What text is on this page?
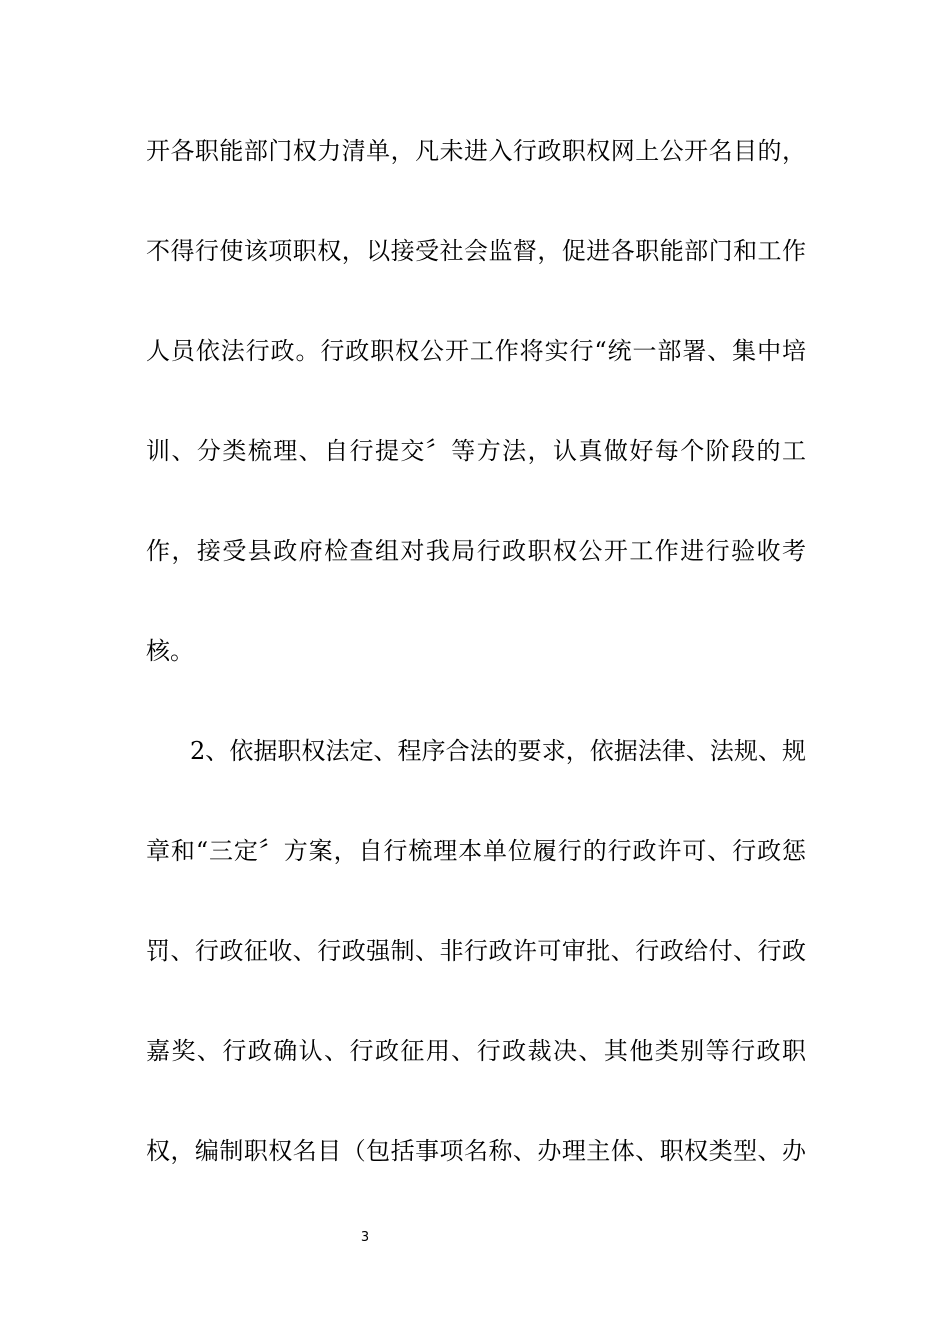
开各职能部门权力清单，凡未进入行政职权网上公开名目的，
不得行使该项职权，以接受社会监督，促进各职能部门和工作
人员依法行政。行政职权公开工作将实行“统一部署、集中培
训、分类梳理、自行提交〞等方法，认真做好每个阶段的工
作，接受县政府检查组对我局行政职权公开工作进行验收考
核。
2、依据职权法定、程序合法的要求，依据法律、法规、规
章和“三定〞方案，自行梳理本单位履行的行政许可、行政惩
罚、行政征收、行政强制、非行政许可审批、行政给付、行政
嘉奖、行政确认、行政征用、行政裁决、其他类别等行政职
权，编制职权名目（包括事项名称、办理主体、职权类型、办
3
